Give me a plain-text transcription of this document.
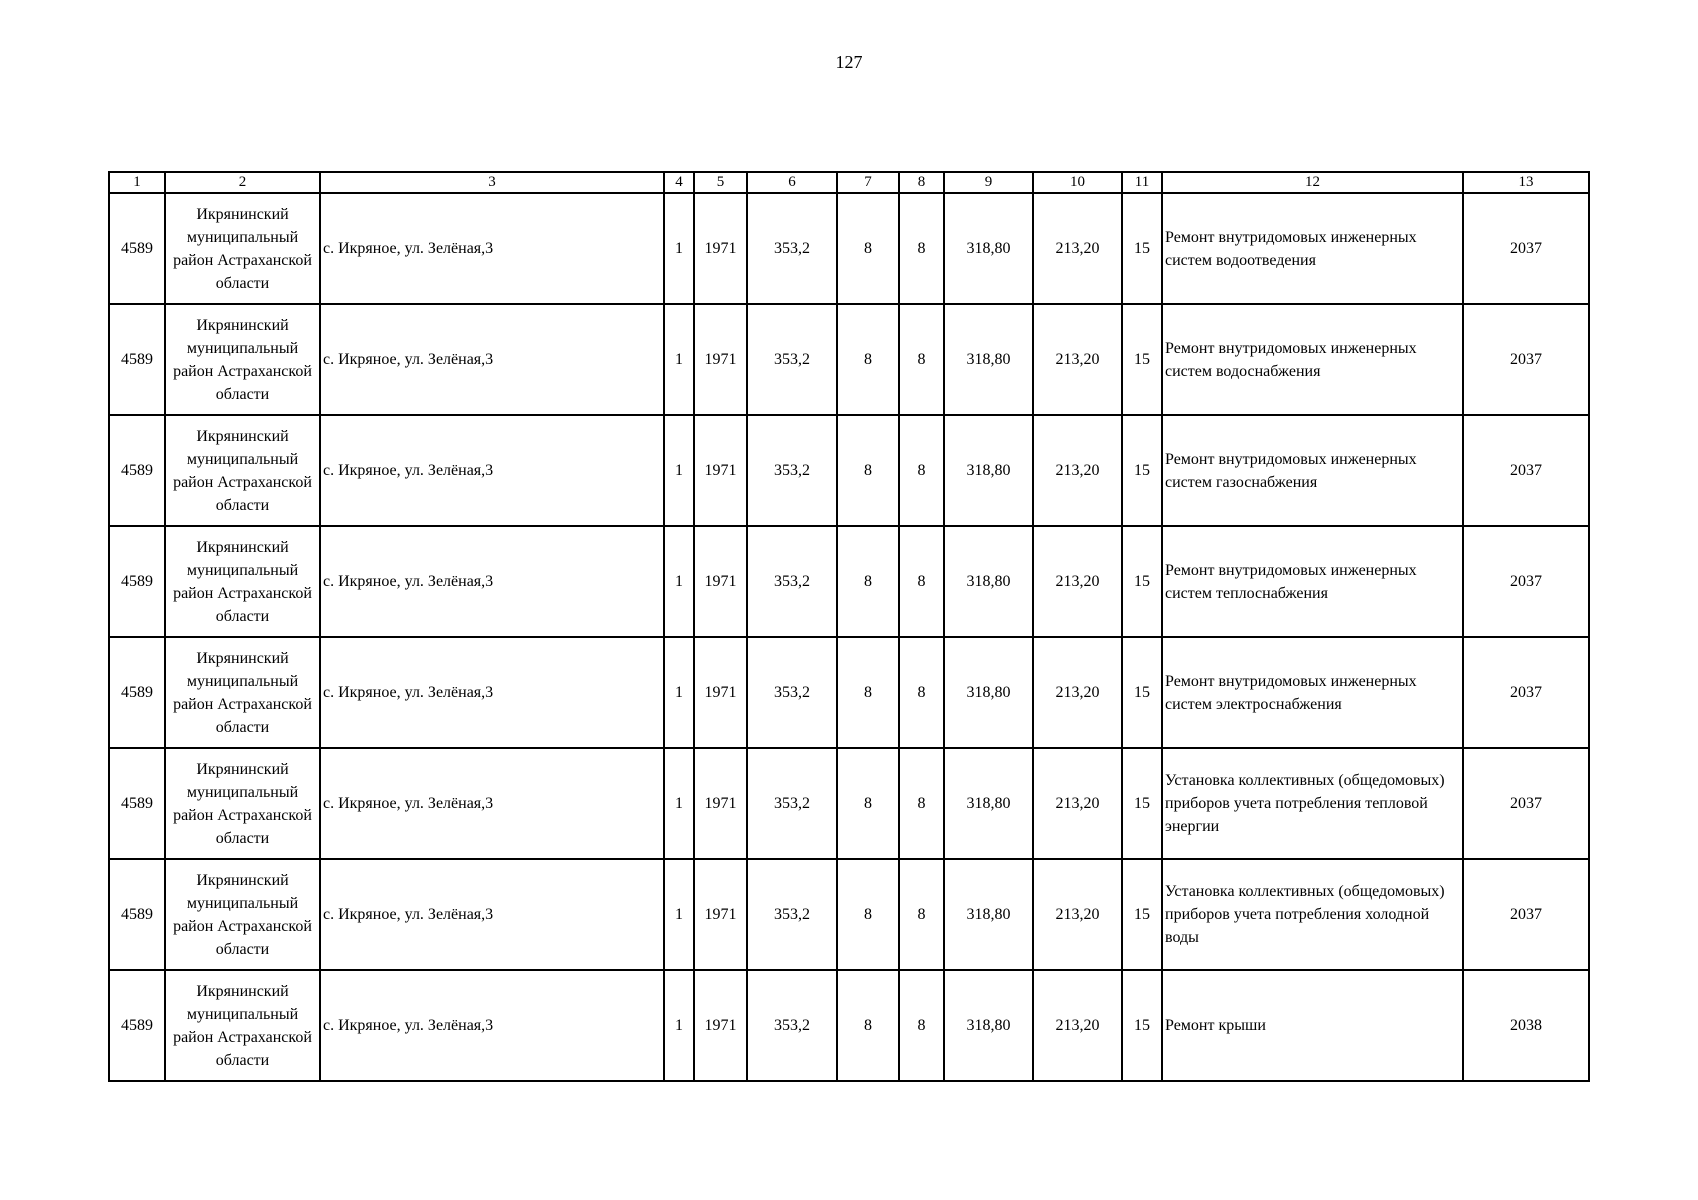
127
1	2	3	4	5	6	7	8	9	10	11	12	13
4589	Икрянинский муниципальный район Астраханской области	с. Икряное, ул. Зелёная,3	1	1971	353,2	8	8	318,80	213,20	15	Ремонт внутридомовых инженерных систем водоотведения	2037
4589	Икрянинский муниципальный район Астраханской области	с. Икряное, ул. Зелёная,3	1	1971	353,2	8	8	318,80	213,20	15	Ремонт внутридомовых инженерных систем водоснабжения	2037
4589	Икрянинский муниципальный район Астраханской области	с. Икряное, ул. Зелёная,3	1	1971	353,2	8	8	318,80	213,20	15	Ремонт внутридомовых инженерных систем газоснабжения	2037
4589	Икрянинский муниципальный район Астраханской области	с. Икряное, ул. Зелёная,3	1	1971	353,2	8	8	318,80	213,20	15	Ремонт внутридомовых инженерных систем теплоснабжения	2037
4589	Икрянинский муниципальный район Астраханской области	с. Икряное, ул. Зелёная,3	1	1971	353,2	8	8	318,80	213,20	15	Ремонт внутридомовых инженерных систем электроснабжения	2037
4589	Икрянинский муниципальный район Астраханской области	с. Икряное, ул. Зелёная,3	1	1971	353,2	8	8	318,80	213,20	15	Установка коллективных (общедомовых) приборов учета потребления тепловой энергии	2037
4589	Икрянинский муниципальный район Астраханской области	с. Икряное, ул. Зелёная,3	1	1971	353,2	8	8	318,80	213,20	15	Установка коллективных (общедомовых) приборов учета потребления холодной воды	2037
4589	Икрянинский муниципальный район Астраханской области	с. Икряное, ул. Зелёная,3	1	1971	353,2	8	8	318,80	213,20	15	Ремонт крыши	2038
